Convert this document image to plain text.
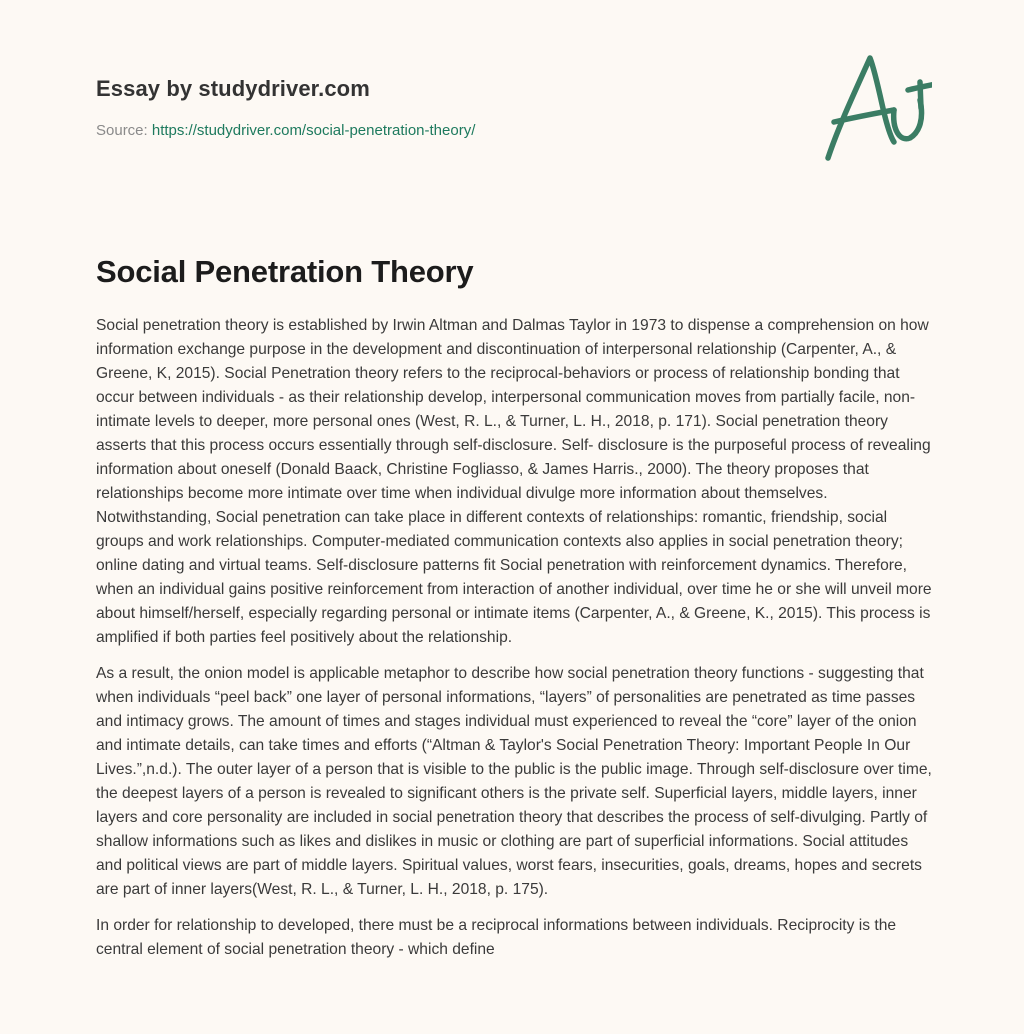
Essay by studydriver.com
Source: https://studydriver.com/social-penetration-theory/
Social Penetration Theory

Social penetration theory is established by Irwin Altman and Dalmas Taylor in 1973 to dispense a comprehension on how information exchange purpose in the development and discontinuation of interpersonal relationship (Carpenter, A., & Greene, K, 2015). Social Penetration theory refers to the reciprocal-behaviors or process of relationship bonding that occur between individuals - as their relationship develop, interpersonal communication moves from partially facile, non-intimate levels to deeper, more personal ones (West, R. L., & Turner, L. H., 2018, p. 171). Social penetration theory asserts that this process occurs essentially through self-disclosure. Self- disclosure is the purposeful process of revealing information about oneself (Donald Baack, Christine Fogliasso, & James Harris., 2000). The theory proposes that relationships become more intimate over time when individual divulge more information about themselves. Notwithstanding, Social penetration can take place in different contexts of relationships: romantic, friendship, social groups and work relationships. Computer-mediated communication contexts also applies in social penetration theory; online dating and virtual teams. Self-disclosure patterns fit Social penetration with reinforcement dynamics. Therefore, when an individual gains positive reinforcement from interaction of another individual, over time he or she will unveil more about himself/herself, especially regarding personal or intimate items (Carpenter, A., & Greene, K., 2015). This process is amplified if both parties feel positively about the relationship.

As a result, the onion model is applicable metaphor to describe how social penetration theory functions - suggesting that when individuals “peel back” one layer of personal informations, “layers” of personalities are penetrated as time passes and intimacy grows. The amount of times and stages individual must experienced to reveal the “core” layer of the onion and intimate details, can take times and efforts (“Altman & Taylor's Social Penetration Theory: Important People In Our Lives.”,n.d.). The outer layer of a person that is visible to the public is the public image. Through self-disclosure over time, the deepest layers of a person is revealed to significant others is the private self. Superficial layers, middle layers, inner layers and core personality are included in social penetration theory that describes the process of self-divulging. Partly of shallow informations such as likes and dislikes in music or clothing are part of superficial informations. Social attitudes and political views are part of middle layers. Spiritual values, worst fears, insecurities, goals, dreams, hopes and secrets are part of inner layers(West, R. L., & Turner, L. H., 2018, p. 175).

In order for relationship to developed, there must be a reciprocal informations between individuals. Reciprocity is the central element of social penetration theory - which define
